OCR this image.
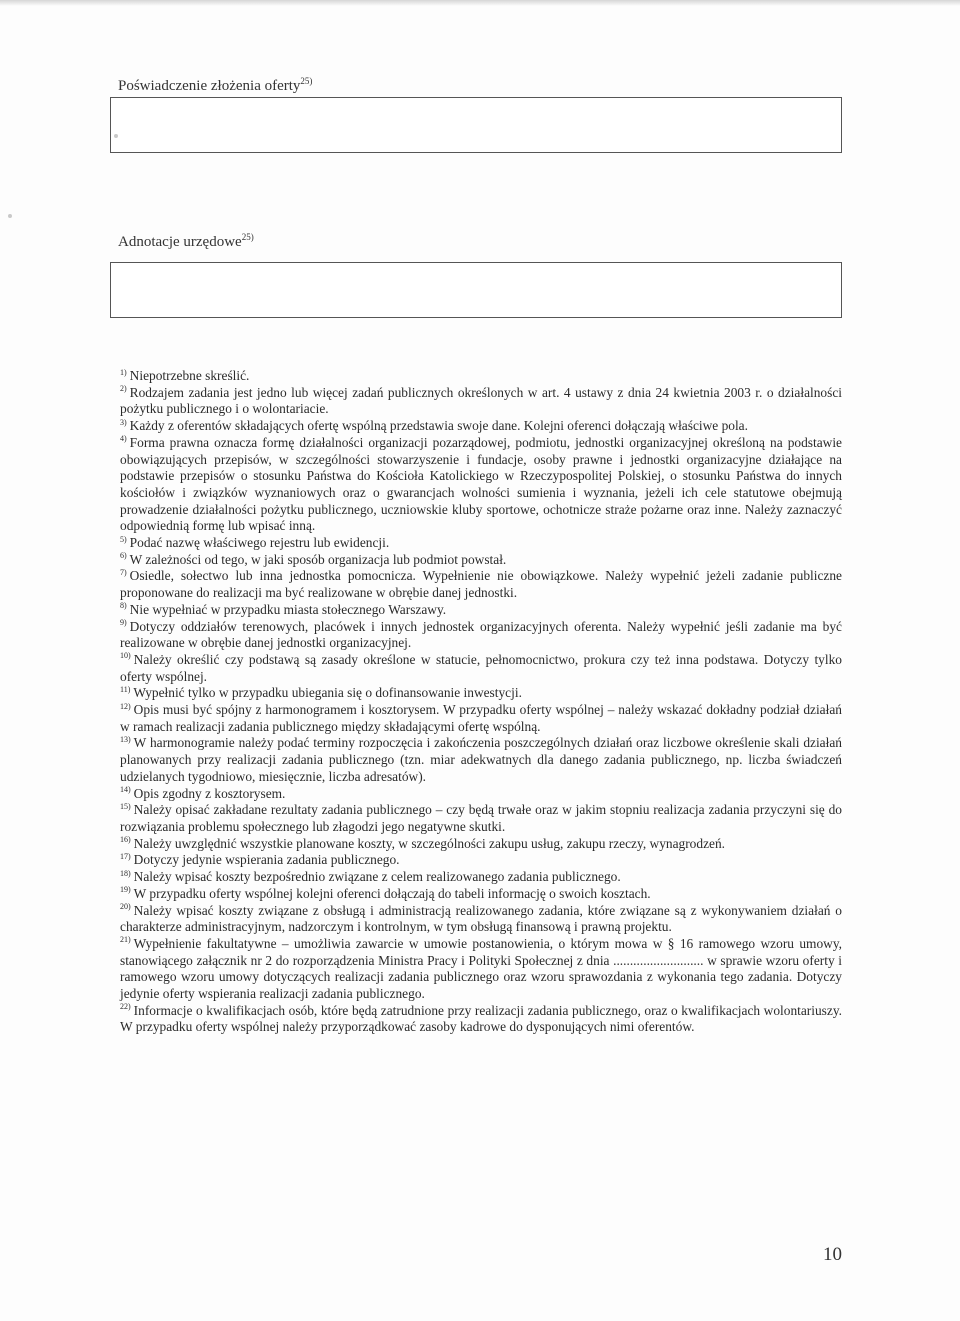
Poświadczenie złożenia oferty$^{25)}$
Adnotacje urzędowe$^{25)}$

$^{1)}$ Niepotrzebne skreślić.

$^{2)}$ Rodzajem zadania jest jedno lub więcej zadań publicznych określonych w art. 4 ustawy z dnia 24 kwietnia 2003 r. o działalności pożytku publicznego i o wolontariacie.

$^{3)}$ Każdy z oferentów składających ofertę wspólną przedstawia swoje dane. Kolejni oferenci dołączają właściwe pola.

$^{4)}$ Forma prawna oznacza formę działalności organizacji pozarządowej, podmiotu, jednostki organizacyjnej określoną na podstawie obowiązujących przepisów, w szczególności stowarzyszenie i fundacje, osoby prawne i jednostki organizacyjne działające na podstawie przepisów o stosunku Państwa do Kościoła Katolickiego w Rzeczypospolitej Polskiej, o stosunku Państwa do innych kościołów i związków wyznaniowych oraz o gwarancjach wolności sumienia i wyznania, jeżeli ich cele statutowe obejmują prowadzenie działalności pożytku publicznego, uczniowskie kluby sportowe, ochotnicze straże pożarne oraz inne. Należy zaznaczyć odpowiednią formę lub wpisać inną.

$^{5)}$ Podać nazwę właściwego rejestru lub ewidencji.

$^{6)}$ W zależności od tego, w jaki sposób organizacja lub podmiot powstał.

$^{7)}$ Osiedle, sołectwo lub inna jednostka pomocnicza. Wypełnienie nie obowiązkowe. Należy wypełnić jeżeli zadanie publiczne proponowane do realizacji ma być realizowane w obrębie danej jednostki.

$^{8)}$ Nie wypełniać w przypadku miasta stołecznego Warszawy.

$^{9)}$ Dotyczy oddziałów terenowych, placówek i innych jednostek organizacyjnych oferenta. Należy wypełnić jeśli zadanie ma być realizowane w obrębie danej jednostki organizacyjnej.

$^{10)}$ Należy określić czy podstawą są zasady określone w statucie, pełnomocnictwo, prokura czy też inna podstawa. Dotyczy tylko oferty wspólnej.

$^{11)}$ Wypełnić tylko w przypadku ubiegania się o dofinansowanie inwestycji.

$^{12)}$ Opis musi być spójny z harmonogramem i kosztorysem. W przypadku oferty wspólnej – należy wskazać dokładny podział działań w ramach realizacji zadania publicznego między składającymi ofertę wspólną.

$^{13)}$ W harmonogramie należy podać terminy rozpoczęcia i zakończenia poszczególnych działań oraz liczbowe określenie skali działań planowanych przy realizacji zadania publicznego (tzn. miar adekwatnych dla danego zadania publicznego, np. liczba świadczeń udzielanych tygodniowo, miesięcznie, liczba adresatów).

$^{14)}$ Opis zgodny z kosztorysem.

$^{15)}$ Należy opisać zakładane rezultaty zadania publicznego – czy będą trwałe oraz w jakim stopniu realizacja zadania przyczyni się do rozwiązania problemu społecznego lub złagodzi jego negatywne skutki.

$^{16)}$ Należy uwzględnić wszystkie planowane koszty, w szczególności zakupu usług, zakupu rzeczy, wynagrodzeń.

$^{17)}$ Dotyczy jedynie wspierania zadania publicznego.

$^{18)}$ Należy wpisać koszty bezpośrednio związane z celem realizowanego zadania publicznego.

$^{19)}$ W przypadku oferty wspólnej kolejni oferenci dołączają do tabeli informację o swoich kosztach.

$^{20)}$ Należy wpisać koszty związane z obsługą i administracją realizowanego zadania, które związane są z wykonywaniem działań o charakterze administracyjnym, nadzorczym i kontrolnym, w tym obsługą finansową i prawną projektu.

$^{21)}$ Wypełnienie fakultatywne – umożliwia zawarcie w umowie postanowienia, o którym mowa w § 16 ramowego wzoru umowy, stanowiącego załącznik nr 2 do rozporządzenia Ministra Pracy i Polityki Społecznej z dnia ........................... w sprawie wzoru oferty i ramowego wzoru umowy dotyczących realizacji zadania publicznego oraz wzoru sprawozdania z wykonania tego zadania. Dotyczy jedynie oferty wspierania realizacji zadania publicznego.

$^{22)}$ Informacje o kwalifikacjach osób, które będą zatrudnione przy realizacji zadania publicznego, oraz o kwalifikacjach wolontariuszy. W przypadku oferty wspólnej należy przyporządkować zasoby kadrowe do dysponujących nimi oferentów.

10
